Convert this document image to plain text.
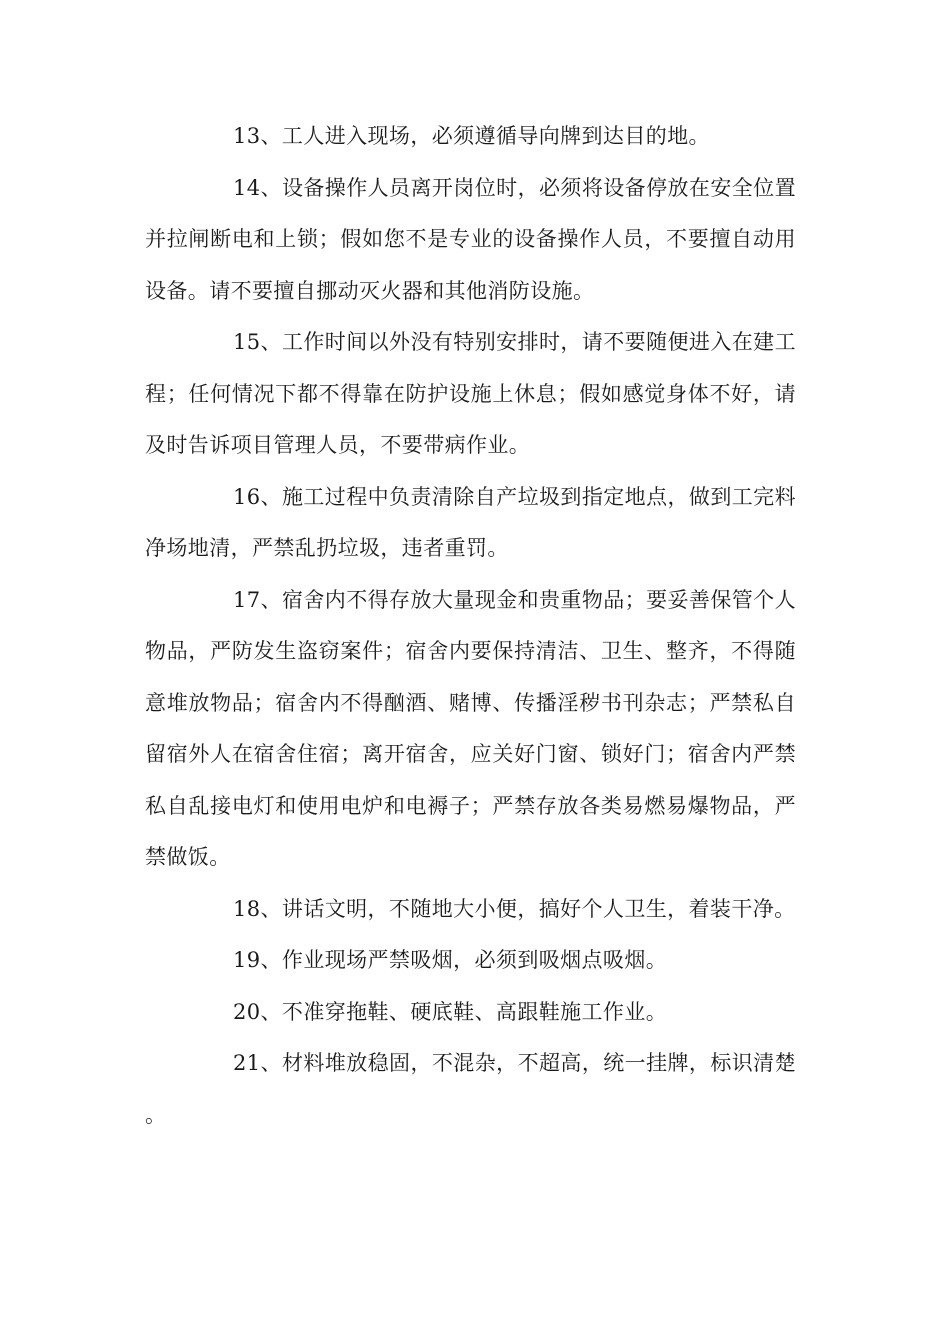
13、工人进入现场，必须遵循导向牌到达目的地。

14、设备操作人员离开岗位时，必须将设备停放在安全位置并拉闸断电和上锁；假如您不是专业的设备操作人员，不要擅自动用设备。请不要擅自挪动灭火器和其他消防设施。

15、工作时间以外没有特别安排时，请不要随便进入在建工程；任何情况下都不得靠在防护设施上休息；假如感觉身体不好，请及时告诉项目管理人员，不要带病作业。

16、施工过程中负责清除自产垃圾到指定地点，做到工完料净场地清，严禁乱扔垃圾，违者重罚。

17、宿舍内不得存放大量现金和贵重物品；要妥善保管个人物品，严防发生盗窃案件；宿舍内要保持清洁、卫生、整齐，不得随意堆放物品；宿舍内不得酗酒、赌博、传播淫秽书刊杂志；严禁私自留宿外人在宿舍住宿；离开宿舍，应关好门窗、锁好门；宿舍内严禁私自乱接电灯和使用电炉和电褥子；严禁存放各类易燃易爆物品，严禁做饭。

18、讲话文明，不随地大小便，搞好个人卫生，着装干净。

19、作业现场严禁吸烟，必须到吸烟点吸烟。

20、不准穿拖鞋、硬底鞋、高跟鞋施工作业。

21、材料堆放稳固，不混杂，不超高，统一挂牌，标识清楚。
